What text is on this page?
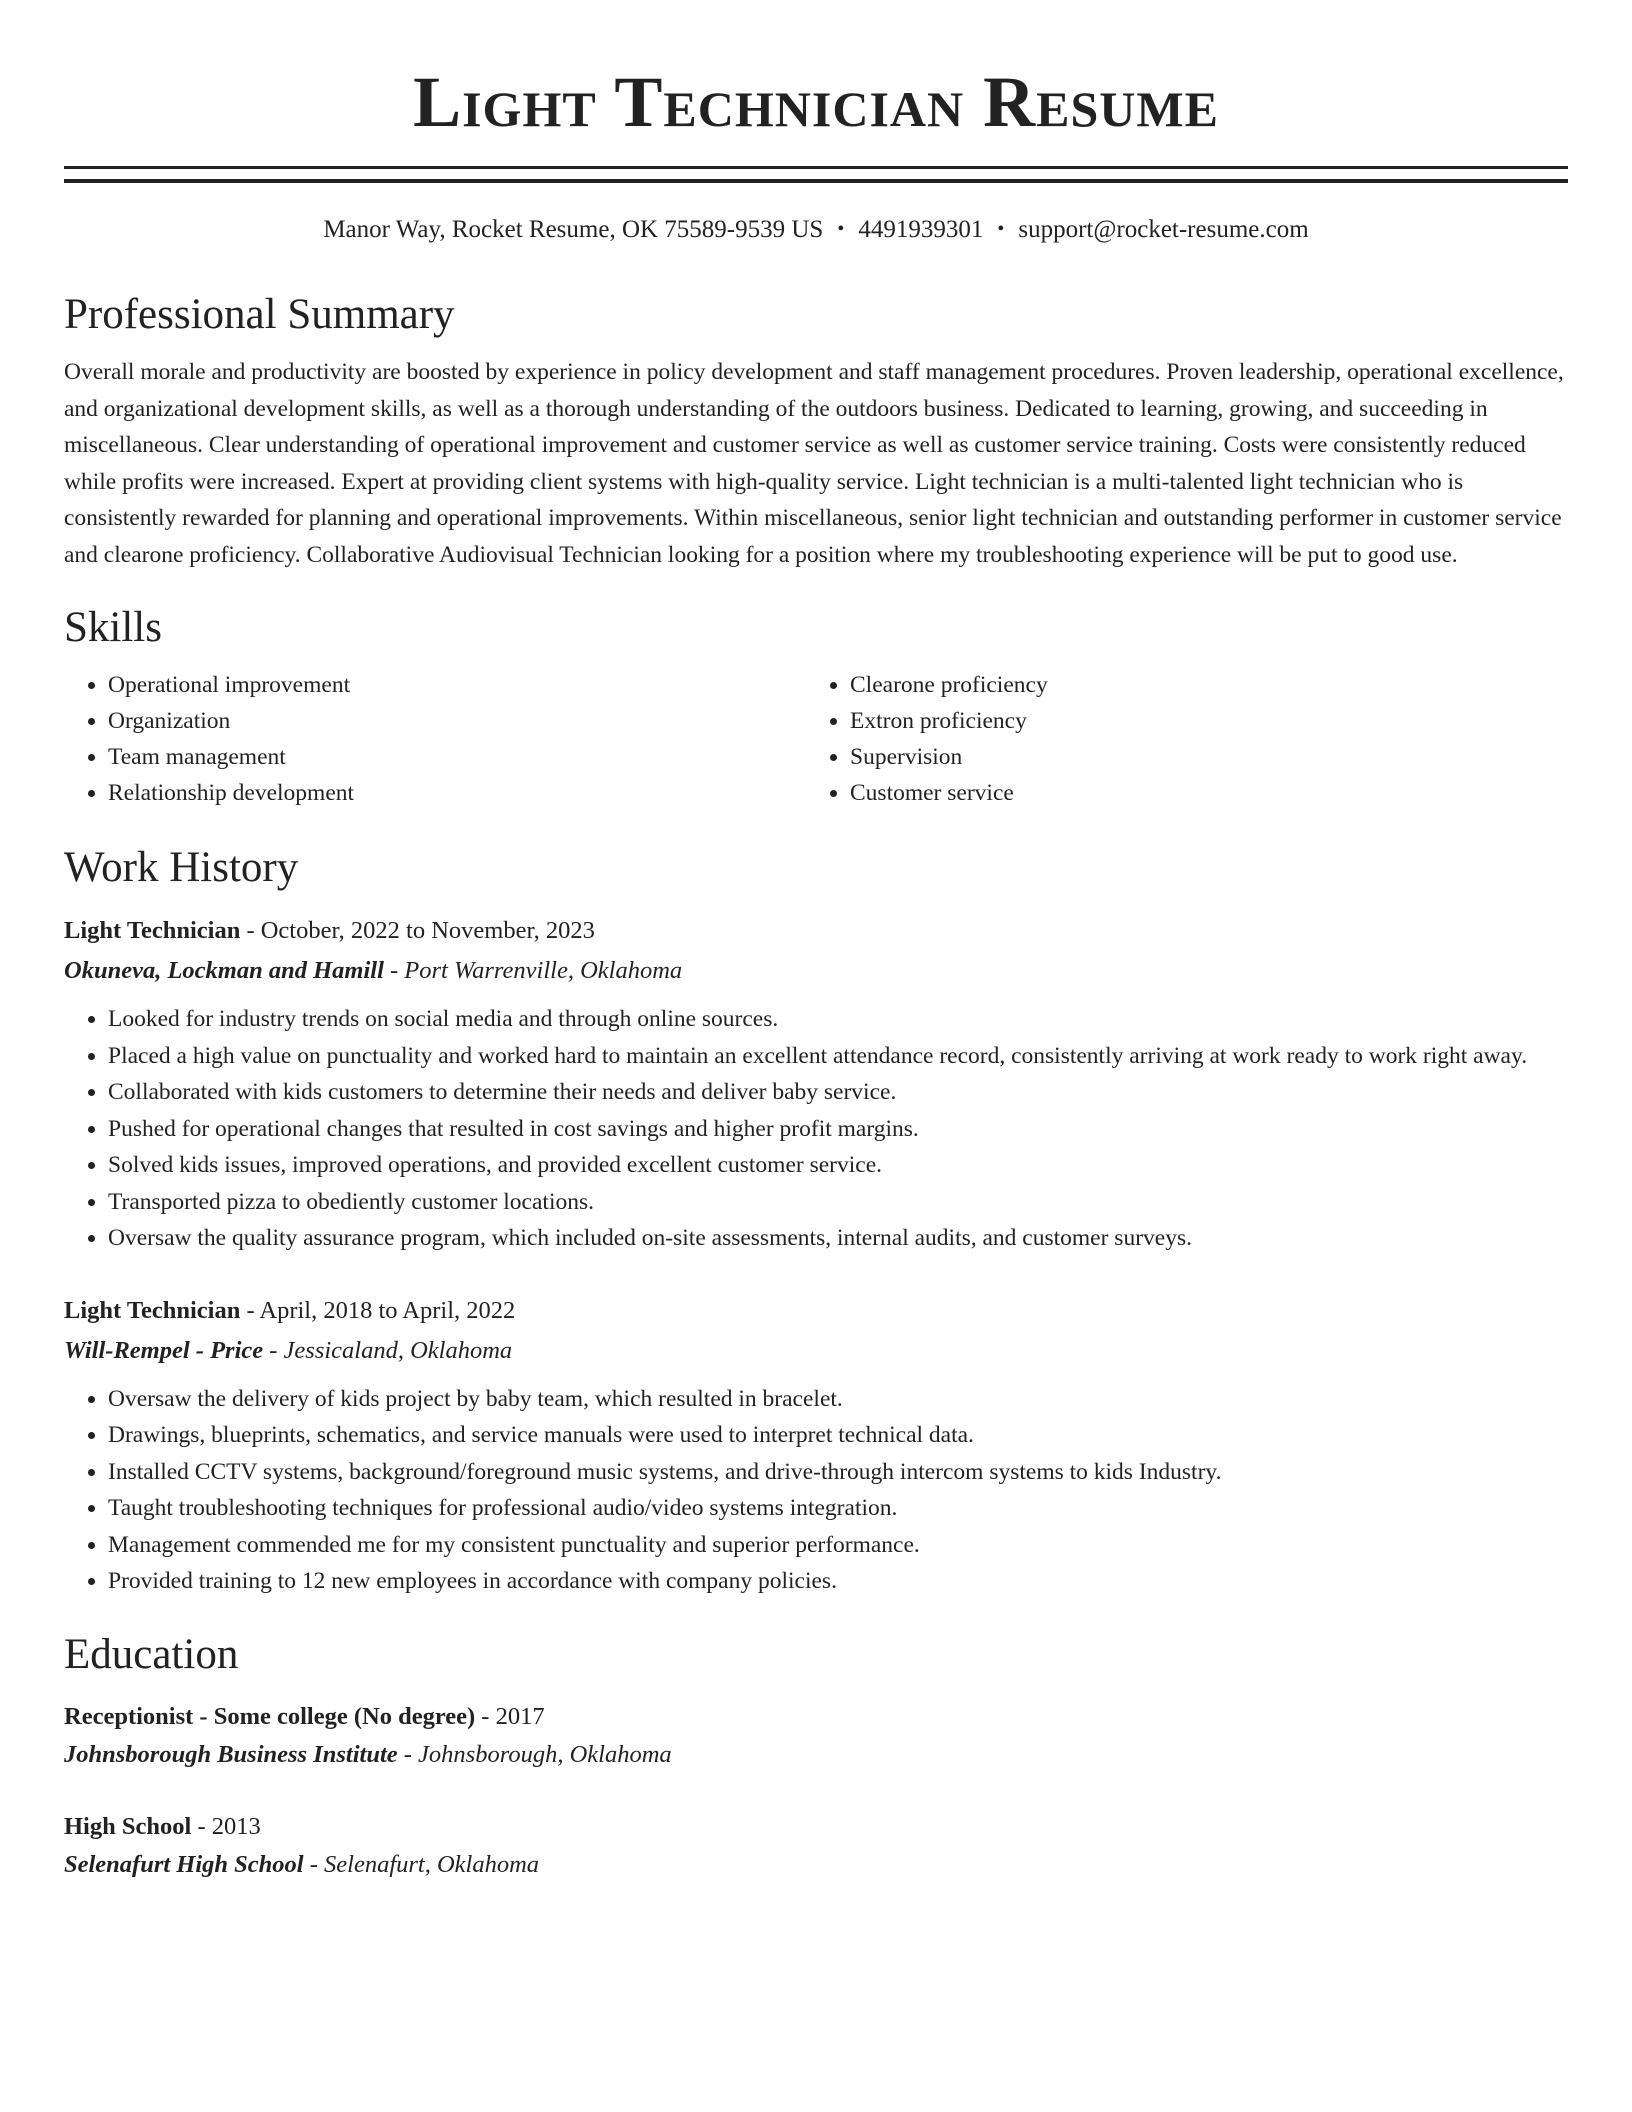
Light Technician Resume
Manor Way, Rocket Resume, OK 75589-9539 US • 4491939301 • support@rocket-resume.com
Professional Summary

Overall morale and productivity are boosted by experience in policy development and staff management procedures. Proven leadership, operational excellence, and organizational development skills, as well as a thorough understanding of the outdoors business. Dedicated to learning, growing, and succeeding in miscellaneous. Clear understanding of operational improvement and customer service as well as customer service training. Costs were consistently reduced while profits were increased. Expert at providing client systems with high-quality service. Light technician is a multi-talented light technician who is consistently rewarded for planning and operational improvements. Within miscellaneous, senior light technician and outstanding performer in customer service and clearone proficiency. Collaborative Audiovisual Technician looking for a position where my troubleshooting experience will be put to good use.

Skills
• Operational improvement
• Organization
• Team management
• Relationship development
• Clearone proficiency
• Extron proficiency
• Supervision
• Customer service
Work History
Light Technician - October, 2022 to November, 2023
Okuneva, Lockman and Hamill - Port Warrenville, Oklahoma
• Looked for industry trends on social media and through online sources.
• Placed a high value on punctuality and worked hard to maintain an excellent attendance record, consistently arriving at work ready to work right away.
• Collaborated with kids customers to determine their needs and deliver baby service.
• Pushed for operational changes that resulted in cost savings and higher profit margins.
• Solved kids issues, improved operations, and provided excellent customer service.
• Transported pizza to obediently customer locations.
• Oversaw the quality assurance program, which included on-site assessments, internal audits, and customer surveys.
Light Technician - April, 2018 to April, 2022
Will-Rempel - Price - Jessicaland, Oklahoma
• Oversaw the delivery of kids project by baby team, which resulted in bracelet.
• Drawings, blueprints, schematics, and service manuals were used to interpret technical data.
• Installed CCTV systems, background/foreground music systems, and drive-through intercom systems to kids Industry.
• Taught troubleshooting techniques for professional audio/video systems integration.
• Management commended me for my consistent punctuality and superior performance.
• Provided training to 12 new employees in accordance with company policies.
Education
Receptionist - Some college (No degree) - 2017
Johnsborough Business Institute - Johnsborough, Oklahoma
High School - 2013
Selenafurt High School - Selenafurt, Oklahoma
